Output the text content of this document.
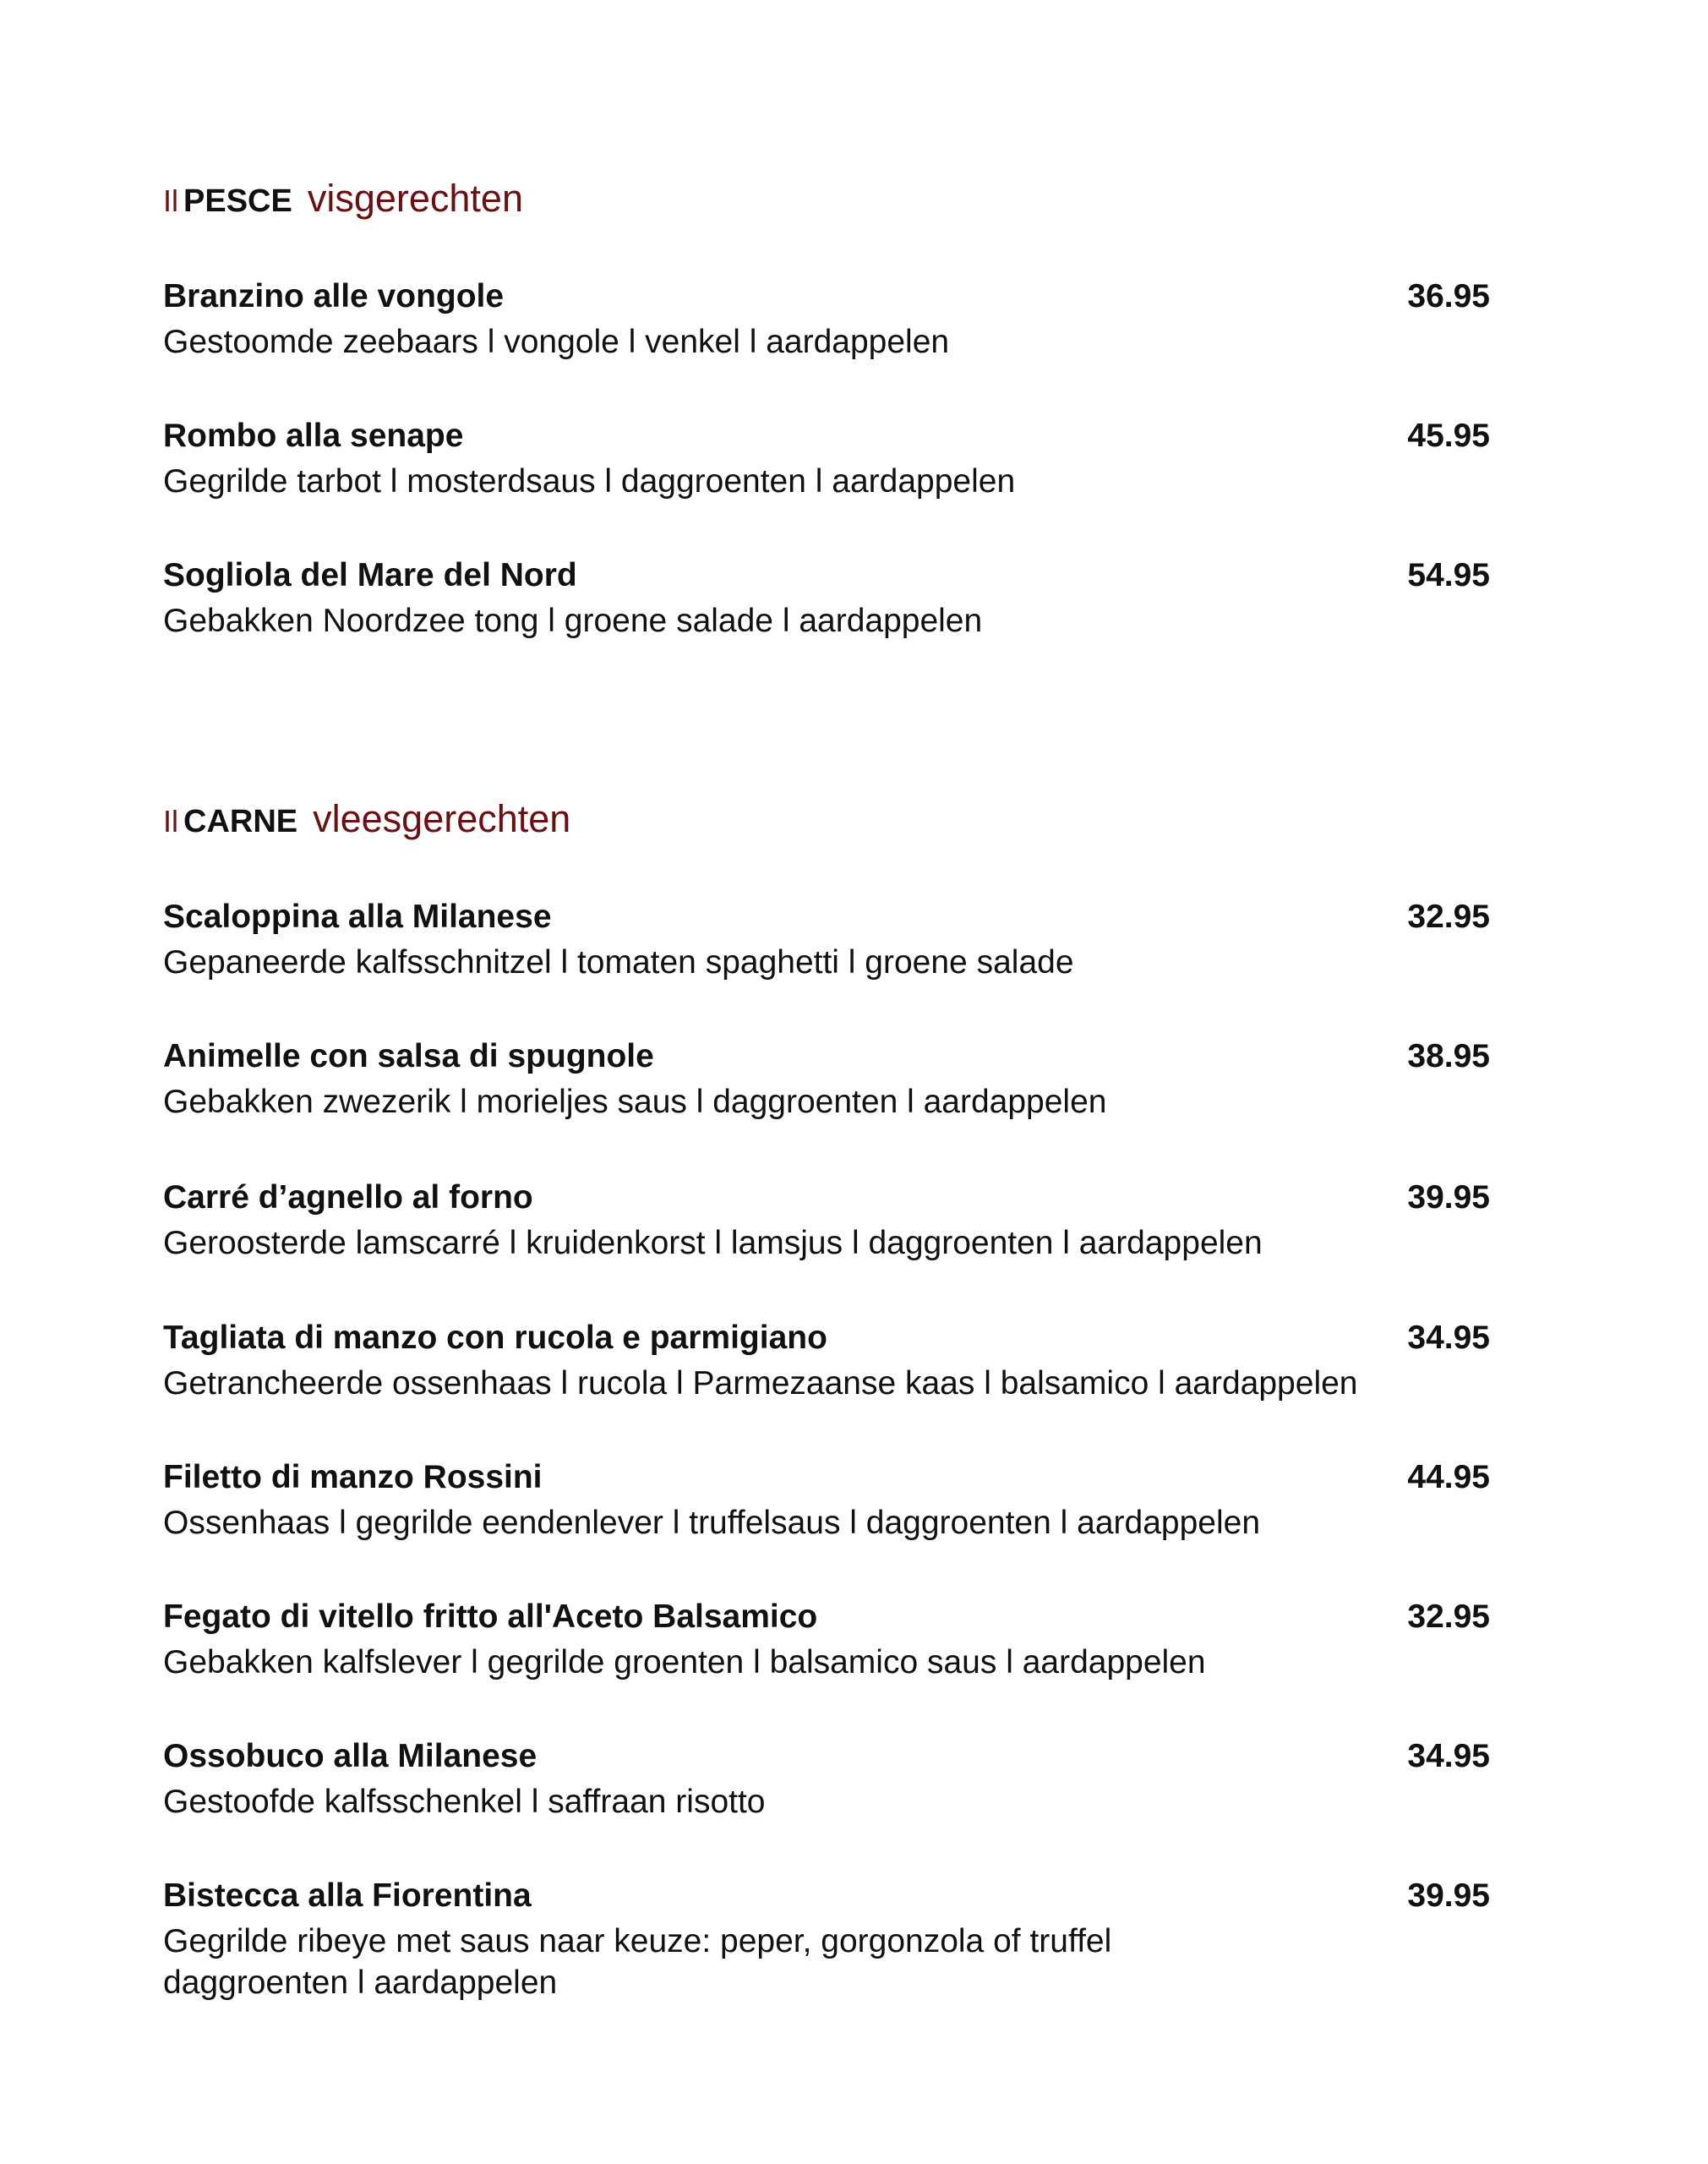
Il PESCE visgerechten
Branzino alle vongole	36.95
Gestoomde zeebaars l vongole l venkel l aardappelen
Rombo alla senape	45.95
Gegrilde tarbot l mosterdsaus l daggroenten l aardappelen
Sogliola del Mare del Nord	54.95
Gebakken Noordzee tong l groene salade l aardappelen
Il CARNE vleesgerechten
Scaloppina alla Milanese	32.95
Gepaneerde kalfsschnitzel l tomaten spaghetti l groene salade
Animelle con salsa di spugnole	38.95
Gebakken zwezerik l morieljes saus l daggroenten l aardappelen
Carré d’agnello al forno	39.95
Geroosterde lamscarré l kruidenkorst l lamsjus l daggroenten l aardappelen
Tagliata di manzo con rucola e parmigiano	34.95
Getrancheerde ossenhaas l rucola l Parmezaanse kaas l balsamico l aardappelen
Filetto di manzo Rossini	44.95
Ossenhaas l gegrilde eendenlever l truffelsaus l daggroenten l aardappelen
Fegato di vitello fritto all'Aceto Balsamico	32.95
Gebakken kalfslever l gegrilde groenten l balsamico saus l aardappelen
Ossobuco alla Milanese	34.95
Gestoofde kalfsschenkel l saffraan risotto
Bistecca alla Fiorentina	39.95
Gegrilde ribeye met saus naar keuze: peper, gorgonzola of truffel
daggroenten l aardappelen
